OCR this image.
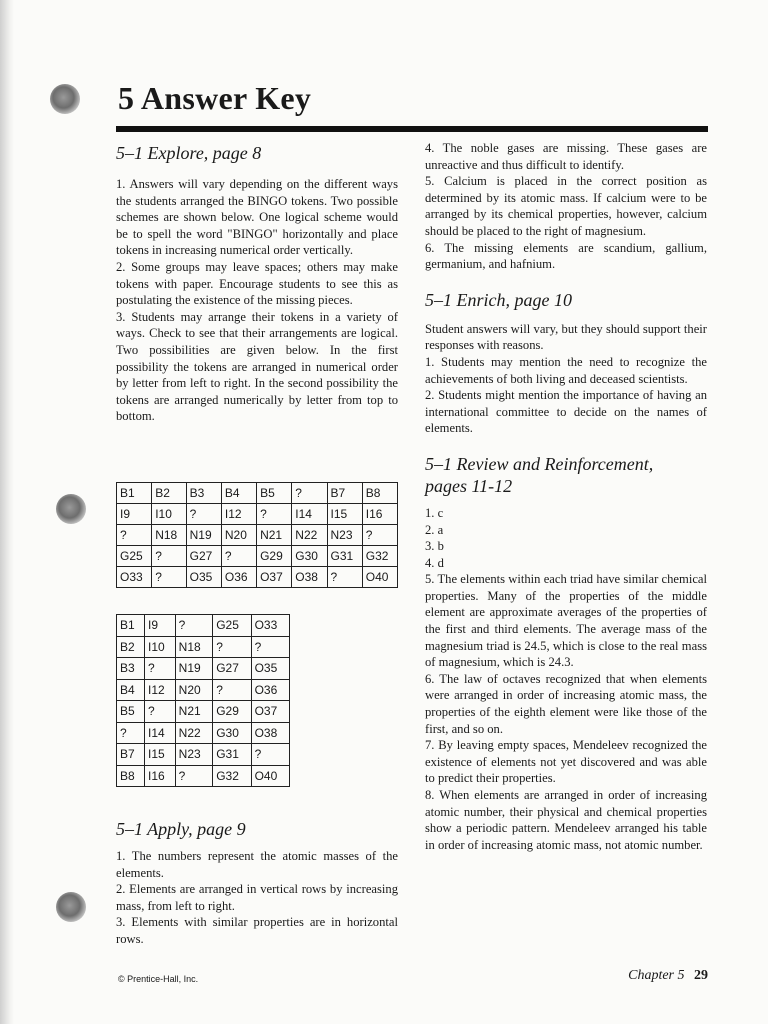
5 Answer Key
5–1 Explore, page 8

1. Answers will vary depending on the different ways the students arranged the BINGO tokens. Two possible schemes are shown below. One logical scheme would be to spell the word "BINGO" horizontally and place tokens in increasing numerical order vertically.

2. Some groups may leave spaces; others may make tokens with paper. Encourage students to see this as postulating the existence of the missing pieces.

3. Students may arrange their tokens in a variety of ways. Check to see that their arrangements are logical. Two possibilities are given below. In the first possibility the tokens are arranged in numerical order by letter from left to right. In the second possibility the tokens are arranged numerically by letter from top to bottom.

B1	B2	B3	B4	B5	?	B7	B8
I9	I10	?	I12	?	I14	I15	I16
?	N18	N19	N20	N21	N22	N23	?
G25	?	G27	?	G29	G30	G31	G32
O33	?	O35	O36	O37	O38	?	O40
B1	I9	?	G25	O33
B2	I10	N18	?	?
B3	?	N19	G27	O35
B4	I12	N20	?	O36
B5	?	N21	G29	O37
?	I14	N22	G30	O38
B7	I15	N23	G31	?
B8	I16	?	G32	O40
5–1 Apply, page 9

1. The numbers represent the atomic masses of the elements.

2. Elements are arranged in vertical rows by increasing mass, from left to right.

3. Elements with similar properties are in horizontal rows.

4. The noble gases are missing. These gases are unreactive and thus difficult to identify.

5. Calcium is placed in the correct position as determined by its atomic mass. If calcium were to be arranged by its chemical properties, however, calcium should be placed to the right of magnesium.

6. The missing elements are scandium, gallium, germanium, and hafnium.

5–1 Enrich, page 10

Student answers will vary, but they should support their responses with reasons.

1. Students may mention the need to recognize the achievements of both living and deceased scientists.

2. Students might mention the importance of having an international committee to decide on the names of elements.

5–1 Review and Reinforcement,
pages 11-12

1. c

2. a

3. b

4. d

5. The elements within each triad have similar chemical properties. Many of the properties of the middle element are approximate averages of the properties of the first and third elements. The average mass of the magnesium triad is 24.5, which is close to the real mass of magnesium, which is 24.3.

6. The law of octaves recognized that when elements were arranged in order of increasing atomic mass, the properties of the eighth element were like those of the first, and so on.

7. By leaving empty spaces, Mendeleev recognized the existence of elements not yet discovered and was able to predict their properties.

8. When elements are arranged in order of increasing atomic number, their physical and chemical properties show a periodic pattern. Mendeleev arranged his table in order of increasing atomic mass, not atomic number.

© Prentice-Hall, Inc.	Chapter 5 29
